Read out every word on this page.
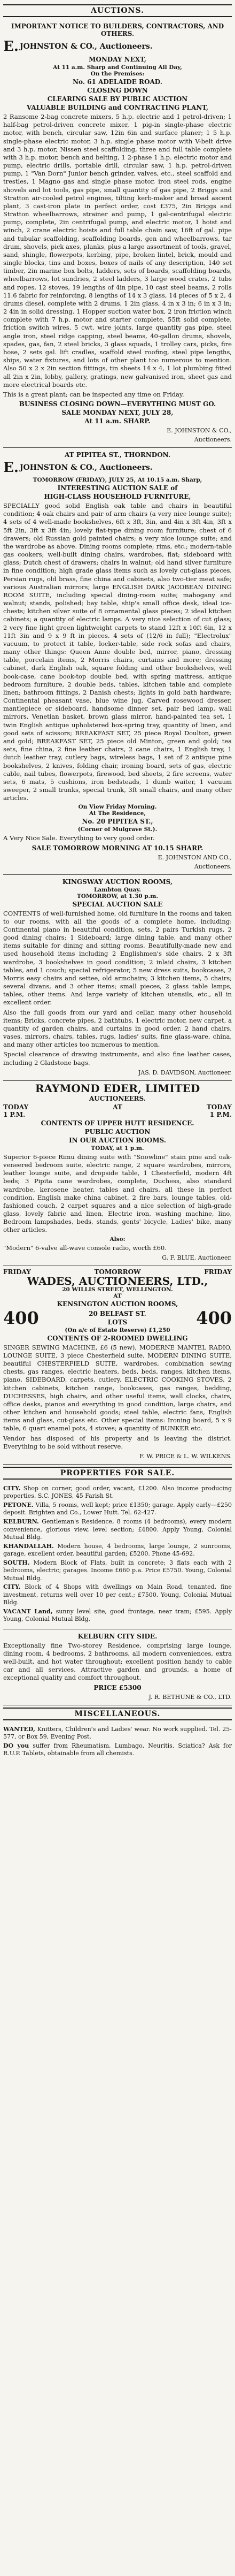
AUCTIONS.
IMPORTANT NOTICE TO BUILDERS, CONTRACTORS, AND OTHERS.
E. JOHNSTON & CO., Auctioneers.
MONDAY NEXT,
At 11 a.m. Sharp and Continuing All Day,
On the Premises:
No. 61 ADELAIDE ROAD.
CLOSING DOWN
CLEARING SALE BY PUBLIC AUCTION
VALUABLE BUILDING and CONTRACTING PLANT,

2 Ransome 2-bag concrete mixers, 5 h.p. electric and 1 petrol-driven; 1 half-bag petrol-driven concrete mixer, 1 pig-in single-phase electric motor, with bench, circular saw, 12in 6in and surface planer; 1 5 h.p. single-phase electric motor, 3 h.p. single phase motor with V-belt drive and 3 h.p. motor, Nissen steel scaffolding, three and full table complete with 3 h.p. motor, bench and belting, 1 2-phase 1 h.p. electric motor and pump, electric drills, portable drill, circular saw, 1 h.p. petrol-driven pump, 1 "Van Dorn" Junior bench grinder, valves, etc., steel scaffold and trestles, 1 Magno gas and single phase motor, iron steel rods, engine shovels and lot tools, gas pipe, small quantity of gas pipe, 2 Briggs and Stratton air-cooled petrol engines, tilting kerb-maker and broad ascent plant, 3 cast-iron plate in perfect order, cost £375, 2in Briggs and Stratton wheelbarrows, strainer and pump, 1 gal-centrifugal electric pump, complete, 2in centrifugal pump, and electric motor, 1 hoist and winch, 2 crane electric hoists and full table chain saw, 16ft of gal. pipe and tubular scaffolding, scaffolding boards, gen and wheelbarrows, tar drum, shovels, pick axes, planks, plus a large assortment of tools, gravel, sand, shingle, flowerpots, kerbing, pipe, broken lintel, brick, mould and single blocks, tins and boxes, boxes of nails of any description, 140 set timber, 2in marine box bolts, ladders, sets of boards, scaffolding boards, wheelbarrows, lot sundries, 2 steel ladders, 3 large wood crates, 2 tubs and ropes, 12 stoves, 19 lengths of 4in pipe, 10 cast steel beams, 2 rolls 11.6 fabric for reinforcing, 8 lengths of 14 x 3 glass, 14 pieces of 5 x 2, 4 drums diesel, complete with 2 drums, 1 2in glass, 4 in x 3 in; 6 in x 3 in; 2 4in in solid dressing. 1 Hopper suction water box, 2 iron friction winch complete with 7 h.p. motor and starter complete, 55ft solid complete, friction switch wires, 5 cwt. wire joints, large quantity gas pipe, steel angle iron, steel ridge capping, steel beams, 40-gallon drums, shovels, spades, gas, fan, 2 steel bricks, 3 glass squads, 1 trolley cars, picks, fire hose, 2 sets gal. lift cradles, scaffold steel roofing, steel pipe lengths, ships, water fixtures, and lots of other plant too numerous to mention. Also 50 x 2 x 2in section fittings, tin sheets 14 x 4, 1 lot plumbing fitted all 2in x 2in, lobby, gallery, gratings, new galvanised iron, sheet gas and more electrical boards etc.

This is a great plant; can be inspected any time on Friday.

BUSINESS CLOSING DOWN—EVERYTHING MUST GO.
SALE MONDAY NEXT, JULY 28,
At 11 a.m. SHARP.
E. JOHNSTON & CO.,
Auctioneers.
AT PIPITEA ST., THORNDON.
E. JOHNSTON & CO., Auctioneers.
TOMORROW (FRIDAY), JULY 25, At 10.15 a.m. Sharp,
INTERESTING AUCTION SALE of
HIGH-CLASS HOUSEHOLD FURNITURE,

SPECIALLY good solid English oak table and chairs in beautiful condition; 4 oak chairs and pair of arm chairs (a very nice lounge suite); 4 sets of 4 well-made bookshelves, 6ft x 3ft, 3in, and 4in x 3ft 4in, 3ft x 5ft 2in, 3ft x 3ft 4in; lovely flat-type dining room furniture; chest of 6 drawers; old Russian gold painted chairs; a very nice lounge suite; and the wardrobe as above. Dining rooms complete; rims, etc.; modern-table gas cookers; well-built dining chairs, wardrobes, flat; sideboard with glass; Dutch chest of drawers; chairs in walnut; old hand silver furniture in fine condition; high grade glass items such as lovely cut-glass pieces, Persian rugs, old brass, fine china and cabinets, also two-tier meat safe; various Australian mirrors; large ENGLISH DARK JACOBEAN DINING ROOM SUITE, including special dining-room suite; mahogany and walnut; stands, polished; bay table, ship's small office desk, ideal ice-chests; kitchen silver suite of 8 ornamental glass pieces; 2 ideal kitchen cabinets; a quantity of electric lamps. A very nice selection of cut glass; 2 very fine light green lightweight carpets to stand 12ft x 10ft 6in, 12 x 11ft 3in and 9 x 9 ft in pieces. 4 sets of (12/6 in full); "Electrolux" vacuum, to protect it table, locker-table, side rock sofas and chairs, many other things: Queen Anne double bed, mirror, piano, dressing table, porcelain items, 2 Morris chairs, curtains and more; dressing cabinet, dark English oak, square folding and other bookshelves, well book-case, cane book-top double bed, with spring mattress, antique bedroom furniture, 2 double beds, tables, kitchen table and complete linen; bathroom fittings, 2 Danish chests; lights in gold bath hardware; Continental pheasant vase, blue wine jug, Carved rosewood dresser, mantlepiece or sideboard, handsome dinner set, pair bed lamp, wall mirrors, Venetian basket, brown glass mirror, hand-painted tea set, 1 twin English antique upholstered box-spring tray, quantity of linen, and good sets of scissors; BREAKFAST SET, 25 piece Royal Doulton, green and gold; BREAKFAST SET, 25 piece old Minton, green and gold; tea sets, fine china, 2 fine leather chairs, 2 cane chairs, 1 English tray, 1 dutch leather tray, cutlery bags, wireless bags, 1 set of 2 antique pine bookshelves, 2 knives, folding chair, ironing board, sets of gas, electric cable, nail tubes, flowerpots, firewood, bed sheets, 2 fire screens, water sets, 6 mats, 5 cushions, iron bedsteads, 1 dumb waiter, 1 vacuum sweeper, 2 small trunks, special trunk, 3ft small chairs, and many other articles.

On View Friday Morning.
At The Residence,
No. 20 PIPITEA ST.,
(Corner of Mulgrave St.).

A Very Nice Sale. Everything to very good order.

SALE TOMORROW MORNING AT 10.15 SHARP.
E. JOHNSTON AND CO.,
Auctioneers.
KINGSWAY AUCTION ROOMS,
Lambton Quay.
TOMORROW, at 1.30 p.m.
SPECIAL AUCTION SALE

CONTENTS of well-furnished home, old furniture in the rooms and taken to our rooms, with all the goods of a complete home, including: Continental piano in beautiful condition, sets, 2 pairs Turkish rugs, 2 good dining chairs; 1 Sideboard; large dining table, and many other items suitable for dining and sitting rooms. Beautifully-made new and used household items including 2 Englishmen's side chairs, 2 x 3ft wardrobe, 3 bookshelves in good condition; 2 inlaid chairs, 3 kitchen tables, and 1 couch; special refrigerator, 5 new dress suits, bookcases, 2 Morris easy chairs and settee, old armchairs; 3 kitchen items, 5 chairs; several divans, and 3 other items; small pieces, 2 glass table lamps, tables, other items. And large variety of kitchen utensils, etc., all in excellent order.

Also the full goods from our yard and cellar, many other household items; Bricks, concrete pipes, 2 bathtubs, 1 electric motor, new carpet, a quantity of garden chairs, and curtains in good order, 2 hand chairs, vases, mirrors, chairs, tables, rugs, ladies' suits, fine glass-ware, china, and many other articles too numerous to mention.

Special clearance of drawing instruments, and also fine leather cases, including 2 Gladstone bags.

JAS. D. DAVIDSON, Auctioneer.
RAYMOND EDER, LIMITED
AUCTIONEERS.
TODAY	AT	TODAY
1 P.M.	1 P.M.
CONTENTS OF UPPER HUTT RESIDENCE.
PUBLIC AUCTION
IN OUR AUCTION ROOMS.
TODAY, at 1 p.m.

Superior 6-piece Rimu dining suite with "Snowline" stain pine and oak-veneered bedroom suite, electric range, 2 square wardrobes, mirrors, leather lounge suite, and dropside table, 1 Chesterfield, modern 4ft beds; 3 Pipita cane wardrobes, complete, Duchess, also standard wardrobe, kerosene heater, tables and chairs, all these in perfect condition. English make china cabinet, 2 fire bars, lounge tables, old-fashioned couch, 2 carpet squares and a nice selection of high-grade glass, lovely fabric and linen, Electric iron, washing machine, lino, Bedroom lampshades, beds, stands, gents' bicycle, Ladies' bike, many other articles.

Also:

"Modern" 6-valve all-wave console radio, worth £60.

G. F. BLUE, Auctioneer.
FRIDAY	TOMORROW	FRIDAY
WADES, AUCTIONEERS, LTD.,
20 WILLIS STREET, WELLINGTON.
AT
KENSINGTON AUCTION ROOMS,
400	20 BELFAST ST.
LOTS	400
(On a/c of Estate Reserve) £1,250
CONTENTS OF 2-ROOMED DWELLING

SINGER SEWING MACHINE, £6 (5 new), MODERNE MANTEL RADIO, LOUNGE SUITE, 3 piece Chesterfield suite, MODERN DINING SUITE, beautiful CHESTERFIELD SUITE, wardrobes, combination sewing chests, gas ranges, electric heaters, beds, beds, ranges, kitchen items, piano, SIDEBOARD, carpets, cutlery. ELECTRIC COOKING STOVES, 2 kitchen cabinets, kitchen range, bookcases, gas ranges, bedding, DUCHESSES, high chairs, and other useful items, wall clocks, chairs, office desks, pianos and everything in good condition, large chairs, and other kitchen and household goods; steel table, electric fans, English items and glass, cut-glass etc. Other special items: Ironing board, 5 x 9 table, 6 quart enamel pots, 4 stoves; a quantity of BUNKER etc.

Vendor has disposed of his property and is leaving the district. Everything to be sold without reserve.

F. W. PRICE & L. W. WILKENS.
PROPERTIES FOR SALE.

CITY. Shop on corner, good order, vacant, £1200. Also income producing properties. S.C. JONES, 45 Farish St.

PETONE. Villa, 5 rooms, well kept; price £1350; garage. Apply early—£250 deposit. Brighten and Co., Lower Hutt. Tel. 62-427.

KELBURN. Gentleman's Residence, 8 rooms (4 bedrooms), every modern convenience, glorious view, level section; £4800. Apply Young, Colonial Mutual Bldg.

KHANDALLAH. Modern house, 4 bedrooms, large lounge, 2 sunrooms, garage, excellent order, beautiful garden; £5200. Phone 45-692.

SOUTH. Modern Block of Flats, built in concrete; 3 flats each with 2 bedrooms, electric; garages. Income £660 p.a. Price £5750. Young, Colonial Mutual Bldg.

CITY. Block of 4 Shops with dwellings on Main Road, tenanted, fine investment, returns well over 10 per cent.; £7500. Young, Colonial Mutual Bldg.

VACANT Land, sunny level site, good frontage, near tram; £595. Apply Young, Colonial Mutual Bldg.

KELBURN CITY SIDE.

Exceptionally fine Two-storey Residence, comprising large lounge, dining room, 4 bedrooms, 2 bathrooms, all modern conveniences, extra well-built, and hot water throughout; excellent position handy to cable car and all services. Attractive garden and grounds, a home of exceptional quality and comfort throughout.

PRICE £5300
J. R. BETHUNE & CO., LTD.
MISCELLANEOUS.

WANTED, Knitters, Children's and Ladies' wear. No work supplied. Tel. 25-577, or Box 59, Evening Post.

DO you suffer from Rheumatism, Lumbago, Neuritis, Sciatica? Ask for R.U.P. Tablets, obtainable from all chemists.
